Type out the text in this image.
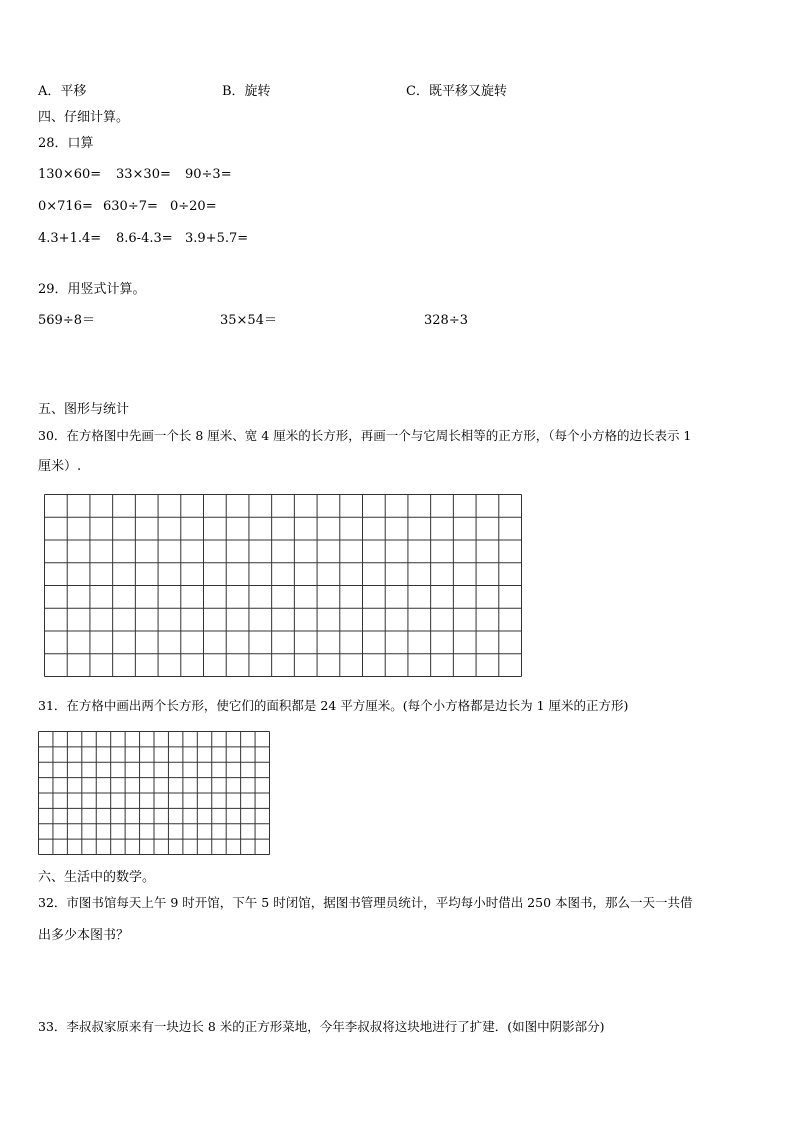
A．平移	B．旋转	C．既平移又旋转
四、仔细计算。
28．口算
130×60= 33×30= 90÷3=
0×716= 630÷7= 0÷20=
4.3+1.4= 8.6-4.3= 3.9+5.7=
29．用竖式计算。
569÷8＝	35×54＝	328÷3
五、图形与统计
30．在方格图中先画一个长 8 厘米、宽 4 厘米的长方形，再画一个与它周长相等的正方形，（每个小方格的边长表示 1
厘米）.
31．在方格中画出两个长方形，使它们的面积都是 24 平方厘米。(每个小方格都是边长为 1 厘米的正方形)
六、生活中的数学。
32．市图书馆每天上午 9 时开馆，下午 5 时闭馆，据图书管理员统计，平均每小时借出 250 本图书，那么一天一共借
出多少本图书？
33．李叔叔家原来有一块边长 8 米的正方形菜地，今年李叔叔将这块地进行了扩建．(如图中阴影部分)
